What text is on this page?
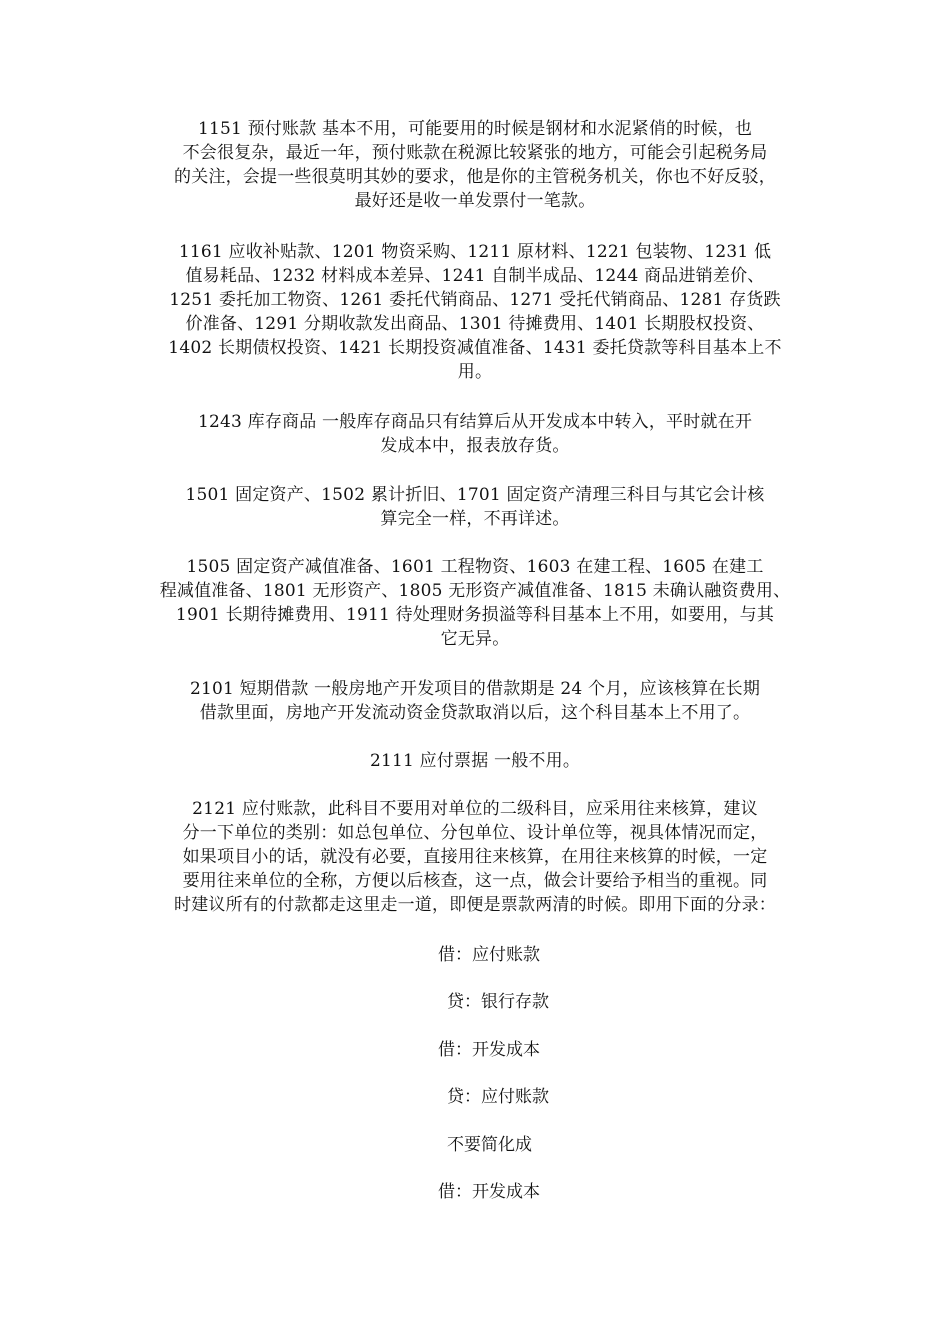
1151 预付账款 基本不用，可能要用的时候是钢材和水泥紧俏的时候，也
不会很复杂，最近一年，预付账款在税源比较紧张的地方，可能会引起税务局
的关注，会提一些很莫明其妙的要求，他是你的主管税务机关，你也不好反驳，
最好还是收一单发票付一笔款。

1161 应收补贴款、1201 物资采购、1211 原材料、1221 包装物、1231 低
值易耗品、1232 材料成本差异、1241 自制半成品、1244 商品进销差价、
1251 委托加工物资、1261 委托代销商品、1271 受托代销商品、1281 存货跌
价准备、1291 分期收款发出商品、1301 待摊费用、1401 长期股权投资、
1402 长期债权投资、1421 长期投资减值准备、1431 委托贷款等科目基本上不
用。

1243 库存商品 一般库存商品只有结算后从开发成本中转入，平时就在开
发成本中，报表放存货。

1501 固定资产、1502 累计折旧、1701 固定资产清理三科目与其它会计核
算完全一样，不再详述。

1505 固定资产减值准备、1601 工程物资、1603 在建工程、1605 在建工
程减值准备、1801 无形资产、1805 无形资产减值准备、1815 未确认融资费用、
1901 长期待摊费用、1911 待处理财务损溢等科目基本上不用，如要用，与其
它无异。

2101 短期借款 一般房地产开发项目的借款期是 24 个月，应该核算在长期
借款里面，房地产开发流动资金贷款取消以后，这个科目基本上不用了。

2111 应付票据 一般不用。

2121 应付账款，此科目不要用对单位的二级科目，应采用往来核算，建议
分一下单位的类别：如总包单位、分包单位、设计单位等，视具体情况而定，
如果项目小的话，就没有必要，直接用往来核算，在用往来核算的时候，一定
要用往来单位的全称，方便以后核查，这一点，做会计要给予相当的重视。同
时建议所有的付款都走这里走一道，即便是票款两清的时候。即用下面的分录：

借：应付账款

贷：银行存款

借：开发成本

贷：应付账款

不要简化成

借：开发成本
